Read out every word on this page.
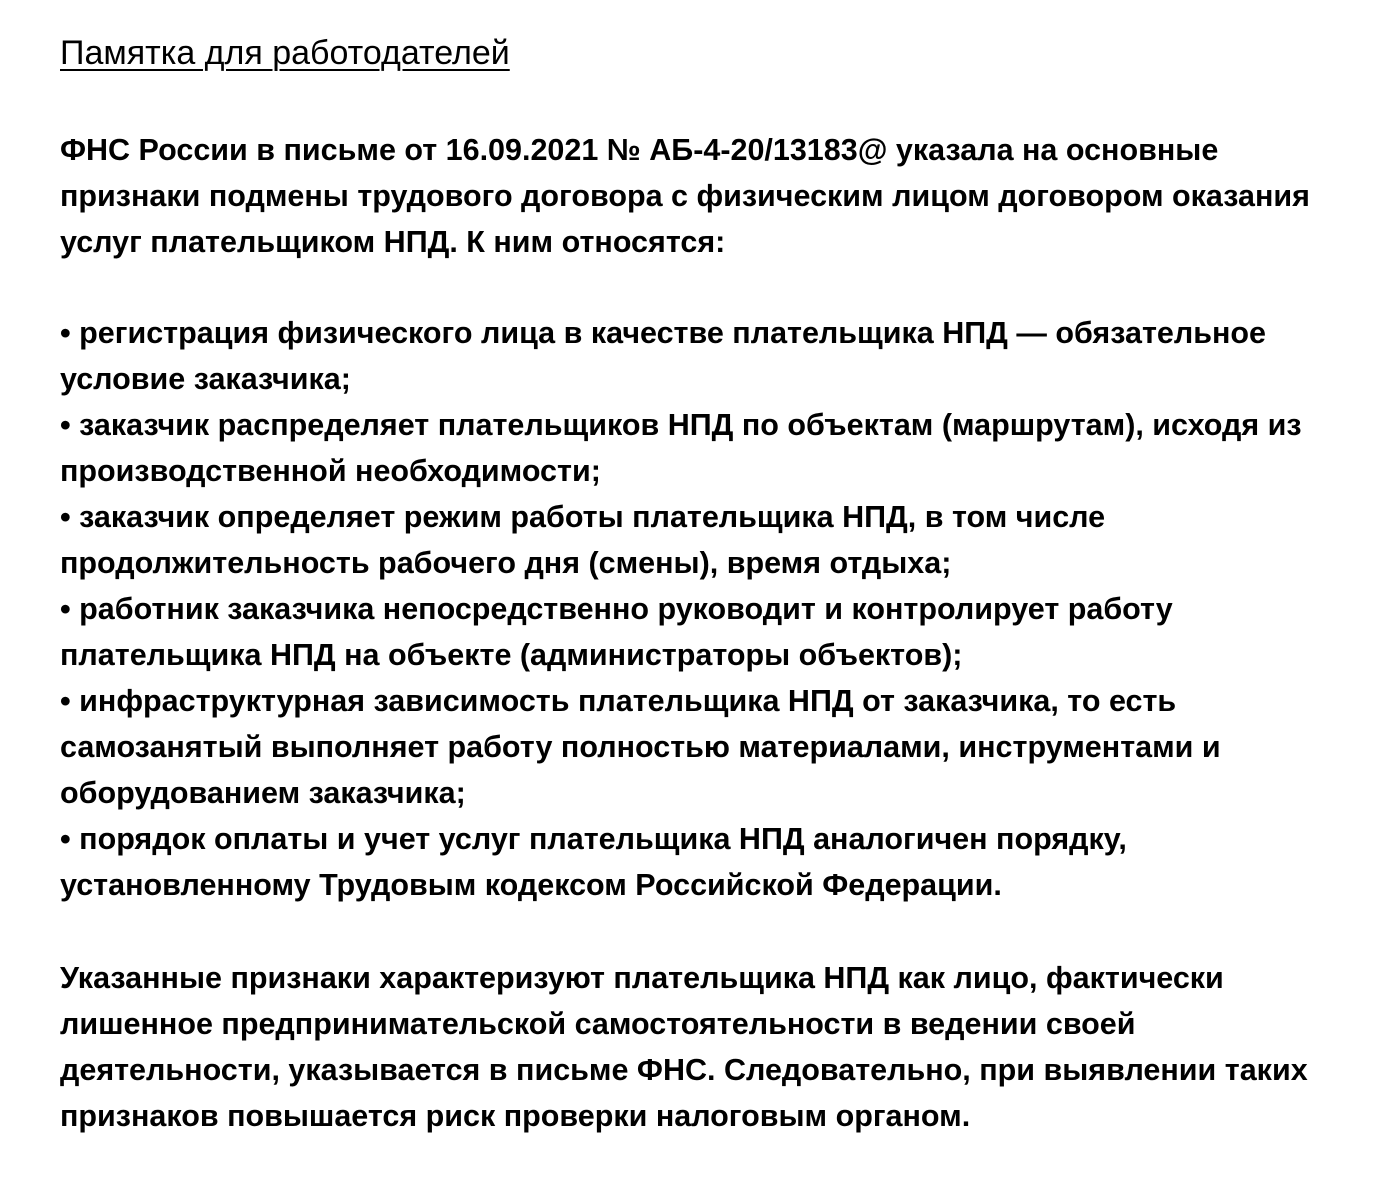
Памятка для работодателей

ФНС России в письме от 16.09.2021 № АБ-4-20/13183@ указала на основные признаки подмены трудового договора с физическим лицом договором оказания услуг плательщиком НПД. К ним относятся:

• регистрация физического лица в качестве плательщика НПД — обязательное условие заказчика;
• заказчик распределяет плательщиков НПД по объектам (маршрутам), исходя из производственной необходимости;
• заказчик определяет режим работы плательщика НПД, в том числе продолжительность рабочего дня (смены), время отдыха;
• работник заказчика непосредственно руководит и контролирует работу плательщика НПД на объекте (администраторы объектов);
• инфраструктурная зависимость плательщика НПД от заказчика, то есть самозанятый выполняет работу полностью материалами, инструментами и оборудованием заказчика;
• порядок оплаты и учет услуг плательщика НПД аналогичен порядку, установленному Трудовым кодексом Российской Федерации.

Указанные признаки характеризуют плательщика НПД как лицо, фактически лишенное предпринимательской самостоятельности в ведении своей деятельности, указывается в письме ФНС. Следовательно, при выявлении таких признаков повышается риск проверки налоговым органом.
